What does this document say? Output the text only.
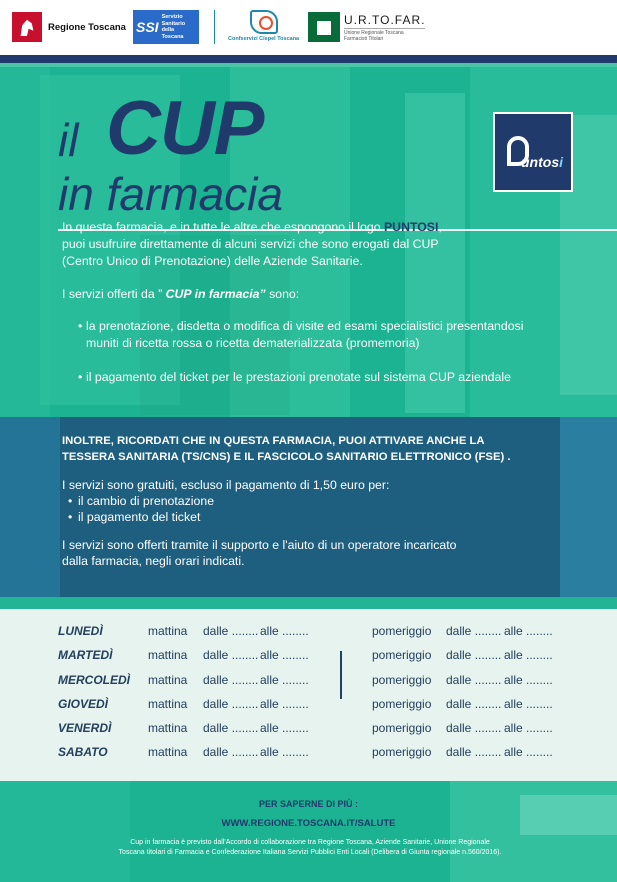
Regione Toscana SSI
Servizio
Sanitario
della
Toscana	Confservizi Cispel Toscana
U.R.TO.FAR.
Unione Regionale Toscana
Farmacisti Titolari
il CUP
in farmacia
untosi
In questa farmacia, e in tutte le altre che espongono il logo PUNTOSI,
puoi usufruire direttamente di alcuni servizi che sono erogati dal CUP
(Centro Unico di Prenotazione) delle Aziende Sanitarie.
I servizi offerti da ” CUP in farmacia” sono:
• la prenotazione, disdetta o modifica di visite ed esami specialistici presentandosi muniti di ricetta rossa o ricetta dematerializzata (promemoria)
• il pagamento del ticket per le prestazioni prenotate sul sistema CUP aziendale
INOLTRE, RICORDATI CHE IN QUESTA FARMACIA, PUOI ATTIVARE ANCHE LA
TESSERA SANITARIA (TS/CNS) E IL FASCICOLO SANITARIO ELETTRONICO (FSE) .
I servizi sono gratuiti, escluso il pagamento di 1,50 euro per:
• il cambio di prenotazione
• il pagamento del ticket
I servizi sono offerti tramite il supporto e l'aiuto di un operatore incaricato
dalla farmacia, negli orari indicati.
LUNEDÌ	mattina dalle ........ alle ........	pomeriggio dalle ........ alle ........
MARTEDÌ	mattina dalle ........ alle ........	pomeriggio dalle ........ alle ........
MERCOLEDÌ mattina dalle ........ alle ........	pomeriggio dalle ........ alle ........
GIOVEDÌ	mattina dalle ........ alle ........	pomeriggio dalle ........ alle ........
VENERDÌ	mattina dalle ........ alle ........	pomeriggio dalle ........ alle ........
SABATO	mattina dalle ........ alle ........	pomeriggio dalle ........ alle ........
PER SAPERNE DI PIÙ :
WWW.REGIONE.TOSCANA.IT/SALUTE
Cup in farmacia è previsto dall'Accordo di collaborazione tra Regione Toscana, Aziende Sanitarie, Unione Regionale
Toscana titolari di Farmacia e Confederazione Italiana Servizi Pubblici Enti Locali (Delibera di Giunta regionale n.560/2016).
